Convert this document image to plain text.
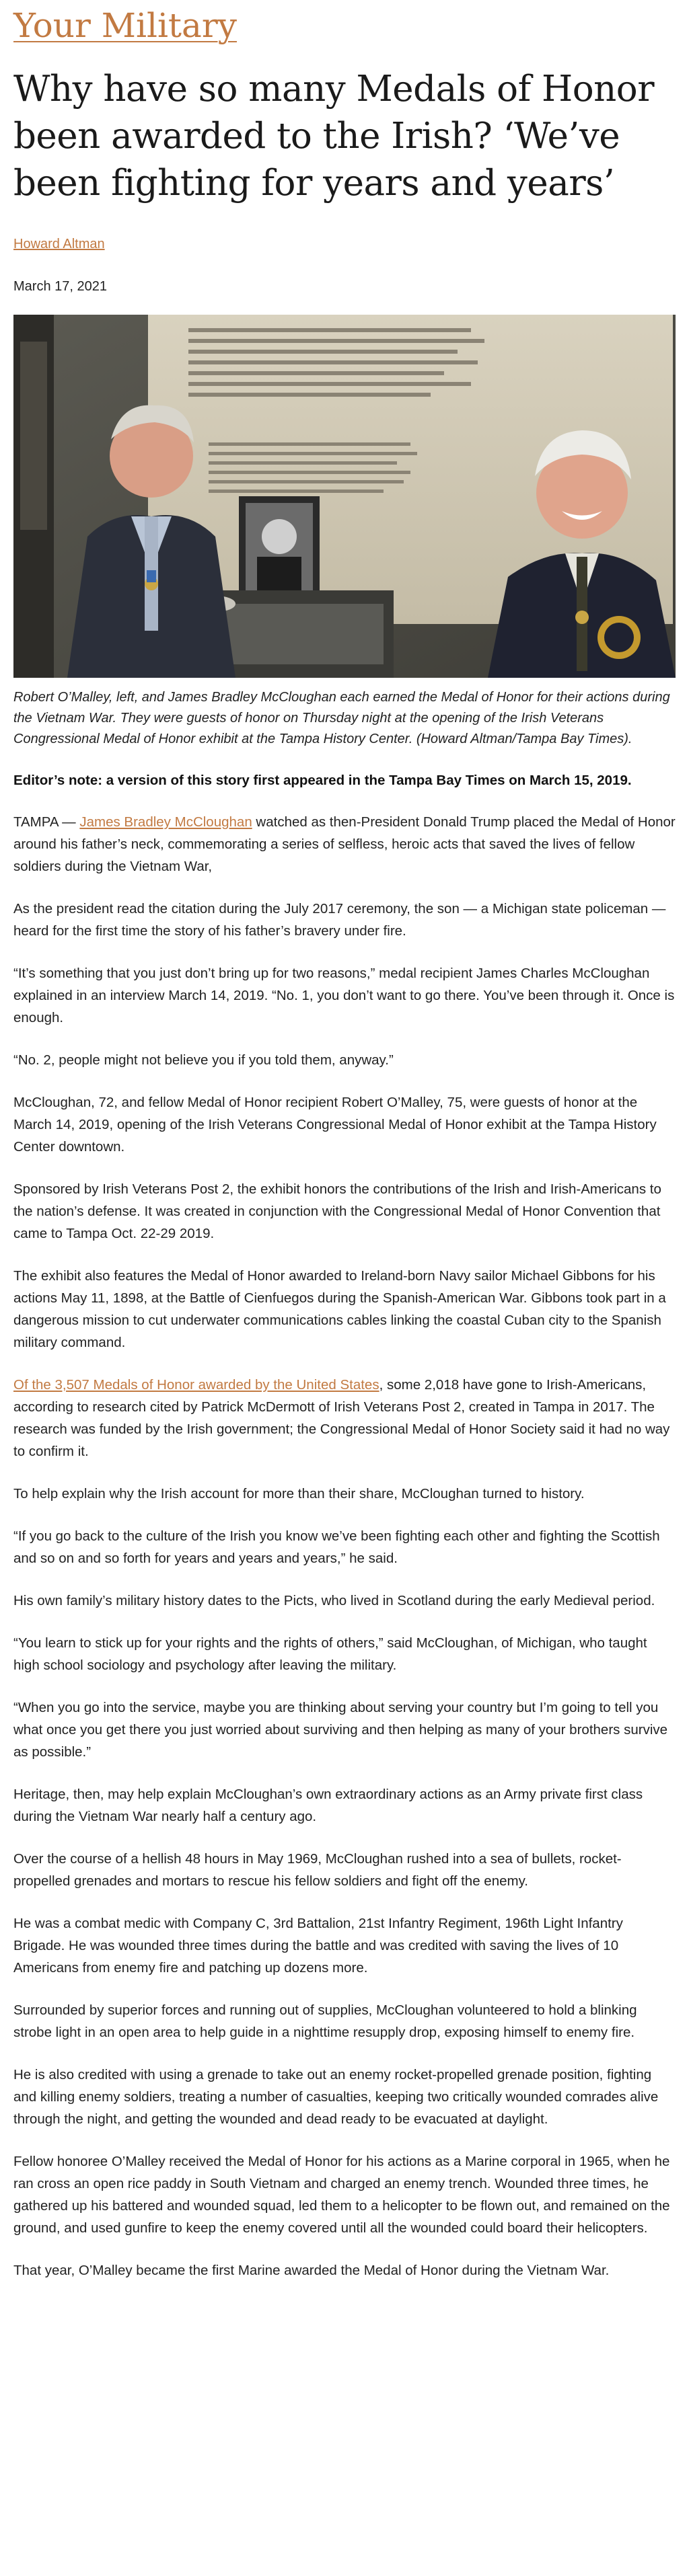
Your Military
Why have so many Medals of Honor been awarded to the Irish? ‘We’ve been fighting for years and years’
Howard Altman
March 17, 2021
Robert O’Malley, left, and James Bradley McCloughan each earned the Medal of Honor for their actions during the Vietnam War. They were guests of honor on Thursday night at the opening of the Irish Veterans Congressional Medal of Honor exhibit at the Tampa History Center. (Howard Altman/Tampa Bay Times).
Editor’s note: a version of this story first appeared in the Tampa Bay Times on March 15, 2019.

TAMPA — James Bradley McCloughan watched as then-President Donald Trump placed the Medal of Honor around his father’s neck, commemorating a series of selfless, heroic acts that saved the lives of fellow soldiers during the Vietnam War,

As the president read the citation during the July 2017 ceremony, the son — a Michigan state policeman — heard for the first time the story of his father’s bravery under fire.

“It’s something that you just don’t bring up for two reasons,” medal recipient James Charles McCloughan explained in an interview March 14, 2019. “No. 1, you don’t want to go there. You’ve been through it. Once is enough.

“No. 2, people might not believe you if you told them, anyway.”

McCloughan, 72, and fellow Medal of Honor recipient Robert O’Malley, 75, were guests of honor at the March 14, 2019, opening of the Irish Veterans Congressional Medal of Honor exhibit at the Tampa History Center downtown.

Sponsored by Irish Veterans Post 2, the exhibit honors the contributions of the Irish and Irish-Americans to the nation’s defense. It was created in conjunction with the Congressional Medal of Honor Convention that came to Tampa Oct. 22-29 2019.

The exhibit also features the Medal of Honor awarded to Ireland-born Navy sailor Michael Gibbons for his actions May 11, 1898, at the Battle of Cienfuegos during the Spanish-American War. Gibbons took part in a dangerous mission to cut underwater communications cables linking the coastal Cuban city to the Spanish military command.

Of the 3,507 Medals of Honor awarded by the United States, some 2,018 have gone to Irish-Americans, according to research cited by Patrick McDermott of Irish Veterans Post 2, created in Tampa in 2017. The research was funded by the Irish government; the Congressional Medal of Honor Society said it had no way to confirm it.

To help explain why the Irish account for more than their share, McCloughan turned to history.

“If you go back to the culture of the Irish you know we’ve been fighting each other and fighting the Scottish and so on and so forth for years and years and years,” he said.

His own family’s military history dates to the Picts, who lived in Scotland during the early Medieval period.

“You learn to stick up for your rights and the rights of others,” said McCloughan, of Michigan, who taught high school sociology and psychology after leaving the military.

“When you go into the service, maybe you are thinking about serving your country but I’m going to tell you what once you get there you just worried about surviving and then helping as many of your brothers survive as possible.”

Heritage, then, may help explain McCloughan’s own extraordinary actions as an Army private first class during the Vietnam War nearly half a century ago.

Over the course of a hellish 48 hours in May 1969, McCloughan rushed into a sea of bullets, rocket-propelled grenades and mortars to rescue his fellow soldiers and fight off the enemy.

He was a combat medic with Company C, 3rd Battalion, 21st Infantry Regiment, 196th Light Infantry Brigade. He was wounded three times during the battle and was credited with saving the lives of 10 Americans from enemy fire and patching up dozens more.

Surrounded by superior forces and running out of supplies, McCloughan volunteered to hold a blinking strobe light in an open area to help guide in a nighttime resupply drop, exposing himself to enemy fire.

He is also credited with using a grenade to take out an enemy rocket-propelled grenade position, fighting and killing enemy soldiers, treating a number of casualties, keeping two critically wounded comrades alive through the night, and getting the wounded and dead ready to be evacuated at daylight.

Fellow honoree O’Malley received the Medal of Honor for his actions as a Marine corporal in 1965, when he ran cross an open rice paddy in South Vietnam and charged an enemy trench. Wounded three times, he gathered up his battered and wounded squad, led them to a helicopter to be flown out, and remained on the ground, and used gunfire to keep the enemy covered until all the wounded could board their helicopters.

That year, O’Malley became the first Marine awarded the Medal of Honor during the Vietnam War.
